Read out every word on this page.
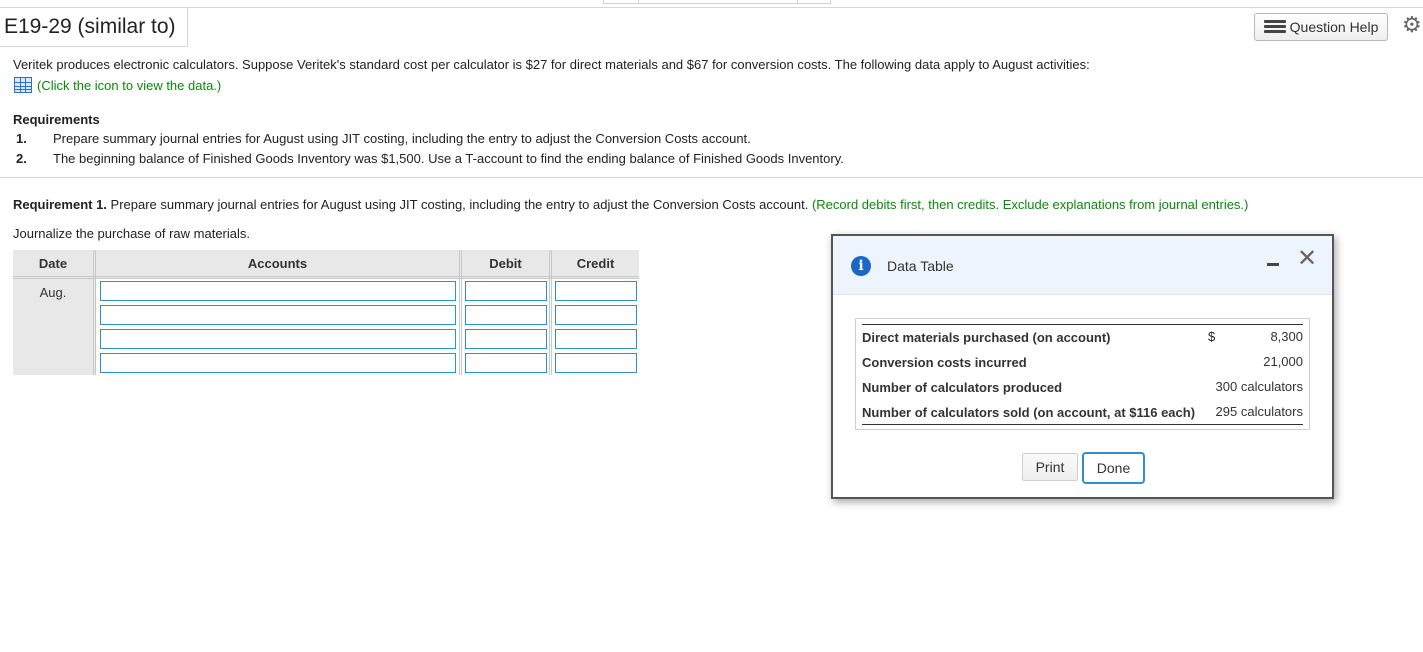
E19-29 (similar to)	Question Help ⚙
Veritek produces electronic calculators. Suppose Veritek's standard cost per calculator is $27 for direct materials and $67 for conversion costs. The following data apply to August activities:
(Click the icon to view the data.)
Requirements
1. Prepare summary journal entries for August using JIT costing, including the entry to adjust the Conversion Costs account.
2. The beginning balance of Finished Goods Inventory was $1,500. Use a T-account to find the ending balance of Finished Goods Inventory.
Requirement 1. Prepare summary journal entries for August using JIT costing, including the entry to adjust the Conversion Costs account. (Record debits first, then credits. Exclude explanations from journal entries.)
Journalize the purchase of raw materials.
Date	Accounts	Debit	Credit
Aug.	

i	Data Table	✕
Direct materials purchased (on account)	$	8,300
Conversion costs incurred	21,000
Number of calculators produced	300 calculators
Number of calculators sold (on account, at $116 each) 295 calculators
Print	Done
